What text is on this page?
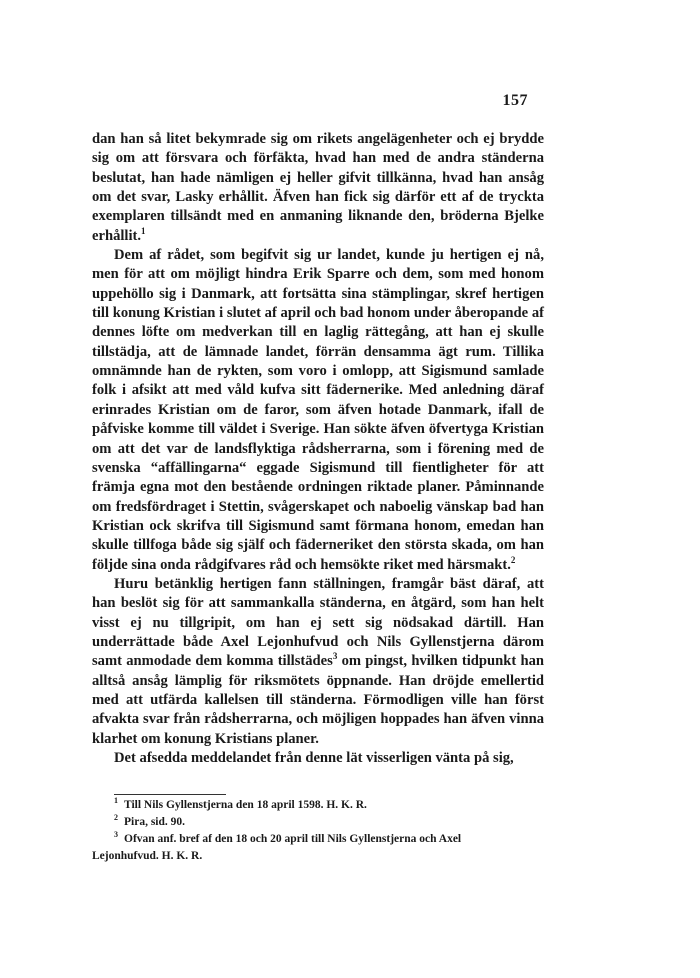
157

dan han så litet bekymrade sig om rikets angelägenheter och ej brydde sig om att försvara och förfäkta, hvad han med de andra ständerna beslutat, han hade nämligen ej heller gifvit tillkänna, hvad han ansåg om det svar, Lasky erhållit. Äfven han fick sig därför ett af de tryckta exemplaren tillsändt med en anmaning liknande den, bröderna Bjelke erhållit.$^1$

Dem af rådet, som begifvit sig ur landet, kunde ju hertigen ej nå, men för att om möjligt hindra Erik Sparre och dem, som med honom uppehöllo sig i Danmark, att fortsätta sina stämplingar, skref hertigen till konung Kristian i slutet af april och bad honom under åberopande af dennes löfte om medverkan till en laglig rättegång, att han ej skulle tillstädja, att de lämnade landet, förrän densamma ägt rum. Tillika omnämnde han de rykten, som voro i omlopp, att Sigismund samlade folk i afsikt att med våld kufva sitt fädernerike. Med anledning däraf erinrades Kristian om de faror, som äfven hotade Danmark, ifall de påfviske komme till väldet i Sverige. Han sökte äfven öfvertyga Kristian om att det var de landsflyktiga rådsherrarna, som i förening med de svenska “affällingarna“ eggade Sigismund till fientligheter för att främja egna mot den bestående ordningen riktade planer. Påminnande om fredsfördraget i Stettin, svågerskapet och naboelig vänskap bad han Kristian ock skrifva till Sigismund samt förmana honom, emedan han skulle tillfoga både sig själf och fäderneriket den största skada, om han följde sina onda rådgifvares råd och hemsökte riket med härsmakt.$^2$

Huru betänklig hertigen fann ställningen, framgår bäst däraf, att han beslöt sig för att sammankalla ständerna, en åtgärd, som han helt visst ej nu tillgripit, om han ej sett sig nödsakad därtill. Han underrättade både Axel Lejonhufvud och Nils Gyllenstjerna därom samt anmodade dem komma tillstädes$^3$ om pingst, hvilken tidpunkt han alltså ansåg lämplig för riksmötets öppnande. Han dröjde emellertid med att utfärda kallelsen till ständerna. Förmodligen ville han först afvakta svar från rådsherrarna, och möjligen hoppades han äfven vinna klarhet om konung Kristians planer.

Det afsedda meddelandet från denne lät visserligen vänta på sig,

$^1$ Till Nils Gyllenstjerna den 18 april 1598. H. K. R.

$^2$ Pira, sid. 90.

$^3$ Ofvan anf. bref af den 18 och 20 april till Nils Gyllenstjerna och Axel

Lejonhufvud. H. K. R.
